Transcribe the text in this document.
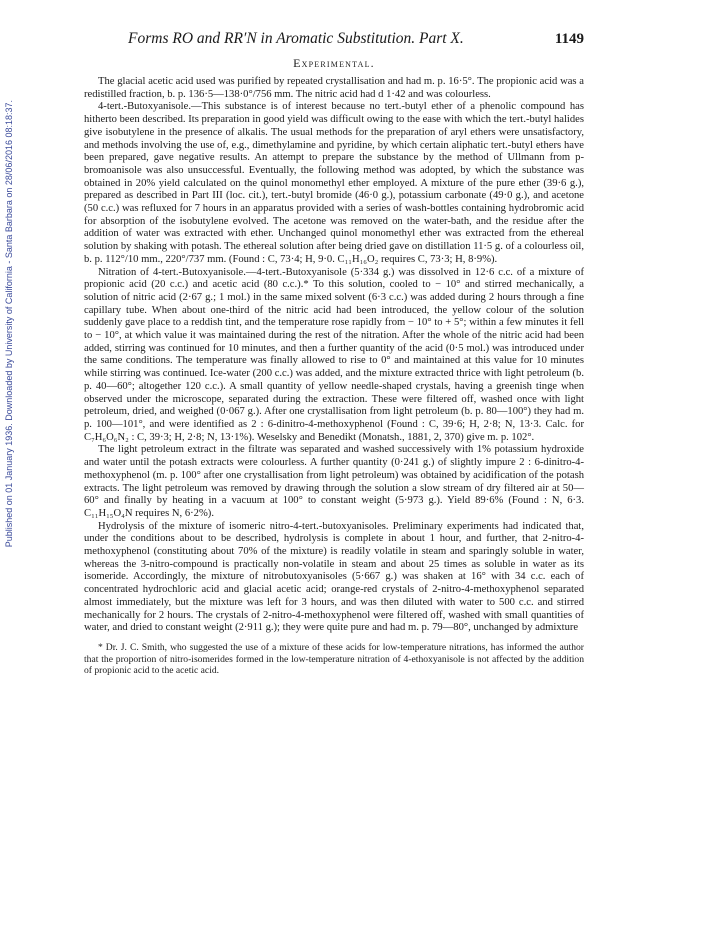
Published on 01 January 1936. Downloaded by University of California - Santa Barbara on 28/06/2016 08:18:37.
Forms RO and RR′N in Aromatic Substitution. Part X.	1149
Experimental.

The glacial acetic acid used was purified by repeated crystallisation and had m. p. 16·5°. The propionic acid was a redistilled fraction, b. p. 136·5—138·0°/756 mm. The nitric acid had d 1·42 and was colourless.

4-tert.-Butoxyanisole.—This substance is of interest because no tert.-butyl ether of a phenolic compound has hitherto been described. Its preparation in good yield was difficult owing to the ease with which the tert.-butyl halides give isobutylene in the presence of alkalis. The usual methods for the preparation of aryl ethers were unsatisfactory, and methods involving the use of, e.g., dimethylamine and pyridine, by which certain aliphatic tert.-butyl ethers have been prepared, gave negative results. An attempt to prepare the substance by the method of Ullmann from p-bromoanisole was also unsuccessful. Eventually, the following method was adopted, by which the substance was obtained in 20% yield calculated on the quinol monomethyl ether employed. A mixture of the pure ether (39·6 g.), prepared as described in Part III (loc. cit.), tert.-butyl bromide (46·0 g.), potassium carbonate (49·0 g.), and acetone (50 c.c.) was refluxed for 7 hours in an apparatus provided with a series of wash-bottles containing hydrobromic acid for absorption of the isobutylene evolved. The acetone was removed on the water-bath, and the residue after the addition of water was extracted with ether. Unchanged quinol monomethyl ether was extracted from the ethereal solution by shaking with potash. The ethereal solution after being dried gave on distillation 11·5 g. of a colourless oil, b. p. 112°/10 mm., 220°/737 mm. (Found : C, 73·4; H, 9·0. C₁₁H₁₆O₂ requires C, 73·3; H, 8·9%).

Nitration of 4-tert.-Butoxyanisole.—4-tert.-Butoxyanisole (5·334 g.) was dissolved in 12·6 c.c. of a mixture of propionic acid (20 c.c.) and acetic acid (80 c.c.).* To this solution, cooled to − 10° and stirred mechanically, a solution of nitric acid (2·67 g.; 1 mol.) in the same mixed solvent (6·3 c.c.) was added during 2 hours through a fine capillary tube. When about one-third of the nitric acid had been introduced, the yellow colour of the solution suddenly gave place to a reddish tint, and the temperature rose rapidly from − 10° to + 5°; within a few minutes it fell to − 10°, at which value it was maintained during the rest of the nitration. After the whole of the nitric acid had been added, stirring was continued for 10 minutes, and then a further quantity of the acid (0·5 mol.) was introduced under the same conditions. The temperature was finally allowed to rise to 0° and maintained at this value for 10 minutes while stirring was continued. Ice-water (200 c.c.) was added, and the mixture extracted thrice with light petroleum (b. p. 40—60°; altogether 120 c.c.). A small quantity of yellow needle-shaped crystals, having a greenish tinge when observed under the microscope, separated during the extraction. These were filtered off, washed once with light petroleum, dried, and weighed (0·067 g.). After one crystallisation from light petroleum (b. p. 80—100°) they had m. p. 100—101°, and were identified as 2 : 6-dinitro-4-methoxyphenol (Found : C, 39·6; H, 2·8; N, 13·3. Calc. for C₇H₆O₆N₂ : C, 39·3; H, 2·8; N, 13·1%). Weselsky and Benedikt (Monatsh., 1881, 2, 370) give m. p. 102°.

The light petroleum extract in the filtrate was separated and washed successively with 1% potassium hydroxide and water until the potash extracts were colourless. A further quantity (0·241 g.) of slightly impure 2 : 6-dinitro-4-methoxyphenol (m. p. 100° after one crystallisation from light petroleum) was obtained by acidification of the potash extracts. The light petroleum was removed by drawing through the solution a slow stream of dry filtered air at 50—60° and finally by heating in a vacuum at 100° to constant weight (5·973 g.). Yield 89·6% (Found : N, 6·3. C₁₁H₁₅O₄N requires N, 6·2%).

Hydrolysis of the mixture of isomeric nitro-4-tert.-butoxyanisoles. Preliminary experiments had indicated that, under the conditions about to be described, hydrolysis is complete in about 1 hour, and further, that 2-nitro-4-methoxyphenol (constituting about 70% of the mixture) is readily volatile in steam and sparingly soluble in water, whereas the 3-nitro-compound is practically non-volatile in steam and about 25 times as soluble in water as its isomeride. Accordingly, the mixture of nitrobutoxyanisoles (5·667 g.) was shaken at 16° with 34 c.c. each of concentrated hydrochloric acid and glacial acetic acid; orange-red crystals of 2-nitro-4-methoxyphenol separated almost immediately, but the mixture was left for 3 hours, and was then diluted with water to 500 c.c. and stirred mechanically for 2 hours. The crystals of 2-nitro-4-methoxyphenol were filtered off, washed with small quantities of water, and dried to constant weight (2·911 g.); they were quite pure and had m. p. 79—80°, unchanged by admixture

* Dr. J. C. Smith, who suggested the use of a mixture of these acids for low-temperature nitrations, has informed the author that the proportion of nitro-isomerides formed in the low-temperature nitration of 4-ethoxyanisole is not affected by the addition of propionic acid to the acetic acid.
